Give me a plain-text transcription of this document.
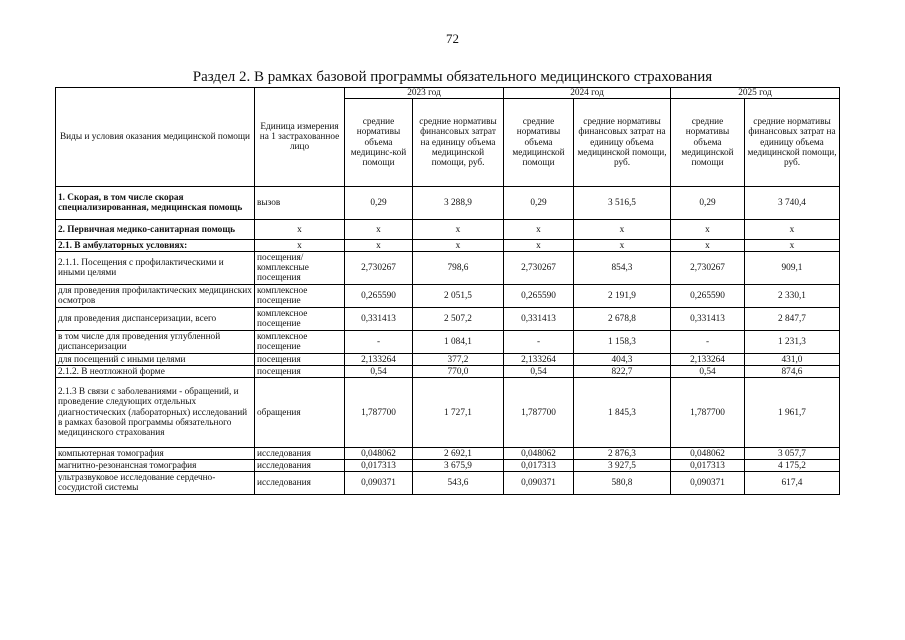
72
Раздел 2. В рамках базовой программы обязательного медицинского страхования
Виды и условия оказания медицинской помощи	Единица измерения на 1 застрахованное лицо	2023 год		2024 год		2025 год	
		средние нормативы объема медицинс-кой помощи	средние нормативы финансовых затрат на единицу объема медицинской помощи, руб.	средние нормативы объема медицинской помощи	средние нормативы финансовых затрат на единицу объема медицинской помощи, руб.	средние нормативы объема медицинской помощи	средние нормативы финансовых затрат на единицу объема медицинской помощи, руб.
1. Скорая, в том числе скорая специализированная, медицинская помощь	вызов	0,29	3 288,9	0,29	3 516,5	0,29	3 740,4
2. Первичная медико-санитарная помощь	x	x	x	x	x	x	x
2.1. В амбулаторных условиях:	x	x	x	x	x	x	x
2.1.1. Посещения с профилактическими и иными целями	посещения/ комплексные посещения	2,730267	798,6	2,730267	854,3	2,730267	909,1
для проведения профилактических медицинских осмотров	комплексное посещение	0,265590	2 051,5	0,265590	2 191,9	0,265590	2 330,1
для проведения диспансеризации, всего	комплексное посещение	0,331413	2 507,2	0,331413	2 678,8	0,331413	2 847,7
в том числе для проведения углубленной диспансеризации	комплексное посещение	-	1 084,1	-	1 158,3	-	1 231,3
для посещений с иными целями	посещения	2,133264	377,2	2,133264	404,3	2,133264	431,0
2.1.2. В неотложной форме	посещения	0,54	770,0	0,54	822,7	0,54	874,6
2.1.3 В связи с заболеваниями - обращений, и проведение следующих отдельных диагностических (лабораторных) исследований в рамках базовой программы обязательного медицинского страхования	обращения	1,787700	1 727,1	1,787700	1 845,3	1,787700	1 961,7
компьютерная томография	исследования	0,048062	2 692,1	0,048062	2 876,3	0,048062	3 057,7
магнитно-резонансная томография	исследования	0,017313	3 675,9	0,017313	3 927,5	0,017313	4 175,2
ультразвуковое исследование сердечно-сосудистой системы	исследования	0,090371	543,6	0,090371	580,8	0,090371	617,4
